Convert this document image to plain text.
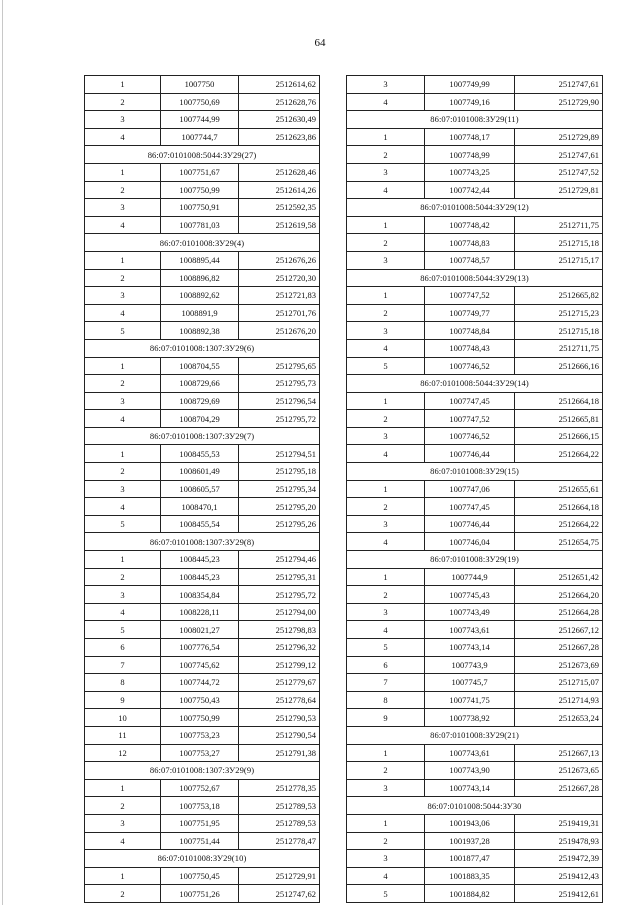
64
1	1007750	2512614,62
2	1007750,69	2512628,76
3	1007744,99	2512630,49
4	1007744,7	2512623,86
86:07:0101008:5044:ЗУ29(27)		
1	1007751,67	2512628,46
2	1007750,99	2512614,26
3	1007750,91	2512592,35
4	1007781,03	2512619,58
86:07:0101008:ЗУ29(4)		
1	1008895,44	2512676,26
2	1008896,82	2512720,30
3	1008892,62	2512721,83
4	1008891,9	2512701,76
5	1008892,38	2512676,20
86:07:0101008:1307:ЗУ29(6)		
1	1008704,55	2512795,65
2	1008729,66	2512795,73
3	1008729,69	2512796,54
4	1008704,29	2512795,72
86:07:0101008:1307:ЗУ29(7)		
1	1008455,53	2512794,51
2	1008601,49	2512795,18
3	1008605,57	2512795,34
4	1008470,1	2512795,20
5	1008455,54	2512795,26
86:07:0101008:1307:ЗУ29(8)		
1	1008445,23	2512794,46
2	1008445,23	2512795,31
3	1008354,84	2512795,72
4	1008228,11	2512794,00
5	1008021,27	2512798,83
6	1007776,54	2512796,32
7	1007745,62	2512799,12
8	1007744,72	2512779,67
9	1007750,43	2512778,64
10	1007750,99	2512790,53
11	1007753,23	2512790,54
12	1007753,27	2512791,38
86:07:0101008:1307:ЗУ29(9)		
1	1007752,67	2512778,35
2	1007753,18	2512789,53
3	1007751,95	2512789,53
4	1007751,44	2512778,47
86:07:0101008:ЗУ29(10)		
1	1007750,45	2512729,91
2	1007751,26	2512747,62
3	1007749,99	2512747,61
4	1007749,16	2512729,90
86:07:0101008:ЗУ29(11)		
1	1007748,17	2512729,89
2	1007748,99	2512747,61
3	1007743,25	2512747,52
4	1007742,44	2512729,81
86:07:0101008:5044:ЗУ29(12)		
1	1007748,42	2512711,75
2	1007748,83	2512715,18
3	1007748,57	2512715,17
86:07:0101008:5044:ЗУ29(13)		
1	1007747,52	2512665,82
2	1007749,77	2512715,23
3	1007748,84	2512715,18
4	1007748,43	2512711,75
5	1007746,52	2512666,16
86:07:0101008:5044:ЗУ29(14)		
1	1007747,45	2512664,18
2	1007747,52	2512665,81
3	1007746,52	2512666,15
4	1007746,44	2512664,22
86:07:0101008:ЗУ29(15)		
1	1007747,06	2512655,61
2	1007747,45	2512664,18
3	1007746,44	2512664,22
4	1007746,04	2512654,75
86:07:0101008:ЗУ29(19)		
1	1007744,9	2512651,42
2	1007745,43	2512664,20
3	1007743,49	2512664,28
4	1007743,61	2512667,12
5	1007743,14	2512667,28
6	1007743,9	2512673,69
7	1007745,7	2512715,07
8	1007741,75	2512714,93
9	1007738,92	2512653,24
86:07:0101008:ЗУ29(21)		
1	1007743,61	2512667,13
2	1007743,90	2512673,65
3	1007743,14	2512667,28
86:07:0101008:5044:ЗУ30		
1	1001943,06	2519419,31
2	1001937,28	2519478,93
3	1001877,47	2519472,39
4	1001883,35	2519412,43
5	1001884,82	2519412,61
